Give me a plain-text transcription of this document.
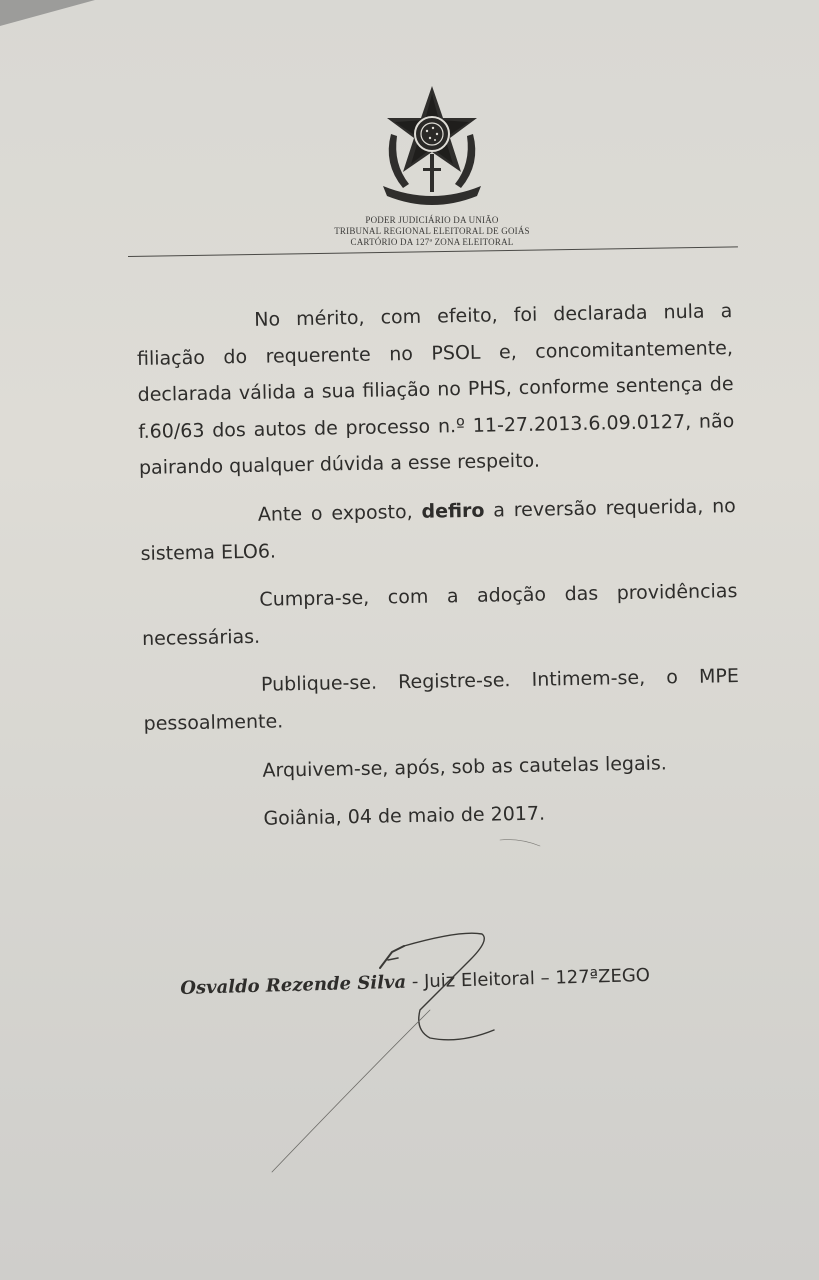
PODER JUDICIÁRIO DA UNIÃO

TRIBUNAL REGIONAL ELEITORAL DE GOIÁS

CARTÓRIO DA 127ª ZONA ELEITORAL

No mérito, com efeito, foi declarada nula a filiação do requerente no PSOL e, concomitantemente, declarada válida a sua filiação no PHS, conforme sentença de f.60/63 dos autos de processo n.º 11-27.2013.6.09.0127, não pairando qualquer dúvida a esse respeito.

Ante o exposto, defiro a reversão requerida, no sistema ELO6.

Cumpra-se, com a adoção das providências necessárias.

Publique-se. Registre-se. Intimem-se, o MPE pessoalmente.

Arquivem-se, após, sob as cautelas legais.

Goiânia, 04 de maio de 2017.

Osvaldo Rezende Silva - Juiz Eleitoral – 127ªZEGO
